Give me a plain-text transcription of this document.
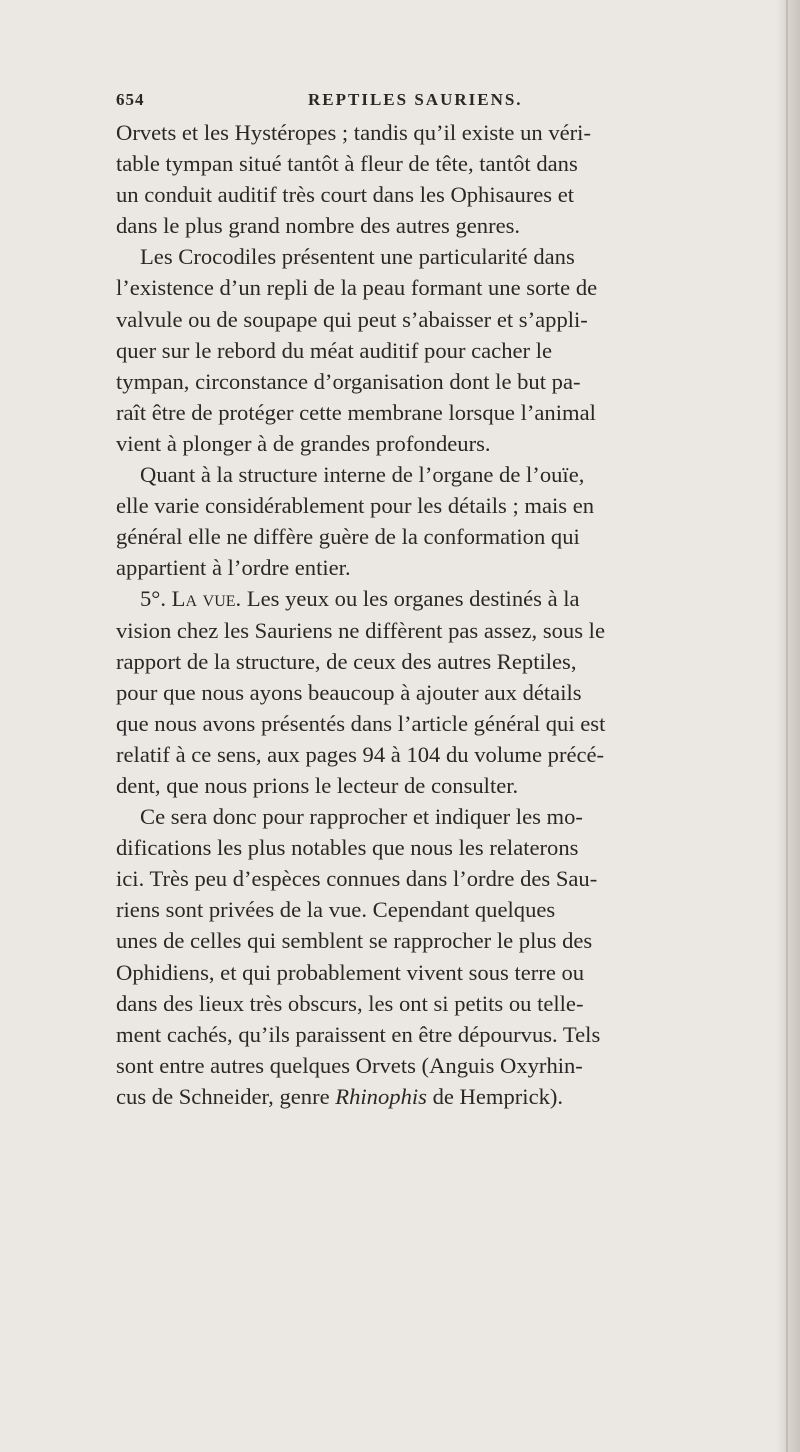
654	REPTILES SAURIENS.
Orvets et les Hystéropes ; tandis qu’il existe un véri-
table tympan situé tantôt à fleur de tête, tantôt dans
un conduit auditif très court dans les Ophisaures et
dans le plus grand nombre des autres genres.
Les Crocodiles présentent une particularité dans
l’existence d’un repli de la peau formant une sorte de
valvule ou de soupape qui peut s’abaisser et s’appli-
quer sur le rebord du méat auditif pour cacher le
tympan, circonstance d’organisation dont le but pa-
raît être de protéger cette membrane lorsque l’animal
vient à plonger à de grandes profondeurs.
Quant à la structure interne de l’organe de l’ouïe,
elle varie considérablement pour les détails ; mais en
général elle ne diffère guère de la conformation qui
appartient à l’ordre entier.
5°. La vue. Les yeux ou les organes destinés à la
vision chez les Sauriens ne diffèrent pas assez, sous le
rapport de la structure, de ceux des autres Reptiles,
pour que nous ayons beaucoup à ajouter aux détails
que nous avons présentés dans l’article général qui est
relatif à ce sens, aux pages 94 à 104 du volume précé-
dent, que nous prions le lecteur de consulter.
Ce sera donc pour rapprocher et indiquer les mo-
difications les plus notables que nous les relaterons
ici. Très peu d’espèces connues dans l’ordre des Sau-
riens sont privées de la vue. Cependant quelques
unes de celles qui semblent se rapprocher le plus des
Ophidiens, et qui probablement vivent sous terre ou
dans des lieux très obscurs, les ont si petits ou telle-
ment cachés, qu’ils paraissent en être dépourvus. Tels
sont entre autres quelques Orvets (Anguis Oxyrhin-
cus de Schneider, genre Rhinophis de Hemprick).
